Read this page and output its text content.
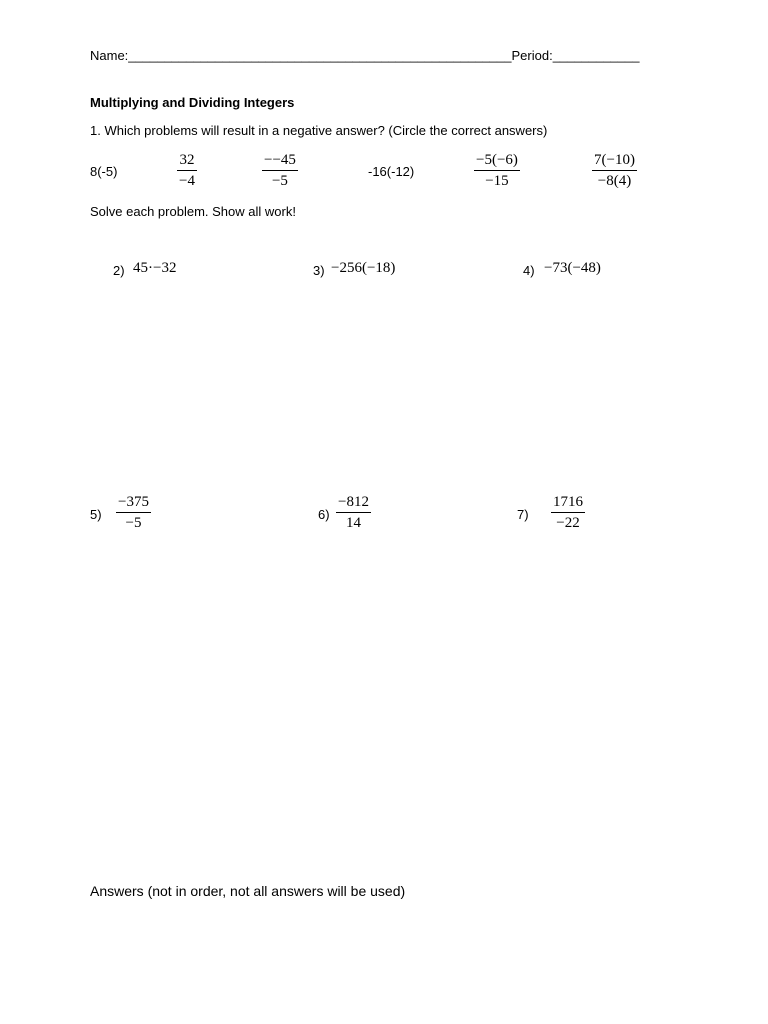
Name:_____________________________________________________Period:____________
Multiplying and Dividing Integers
1. Which problems will result in a negative answer? (Circle the correct answers)
8(-5)
32
−4
−−45
−5
-16(-12)
−5(−6)
−15
7(−10)
−8(4)
Solve each problem. Show all work!
2) 45·−32	3) −256(−18)	4) −73(−48)
5)
−375
−5
6)
−812
14
7)
1716
−22
Answers (not in order, not all answers will be used)
